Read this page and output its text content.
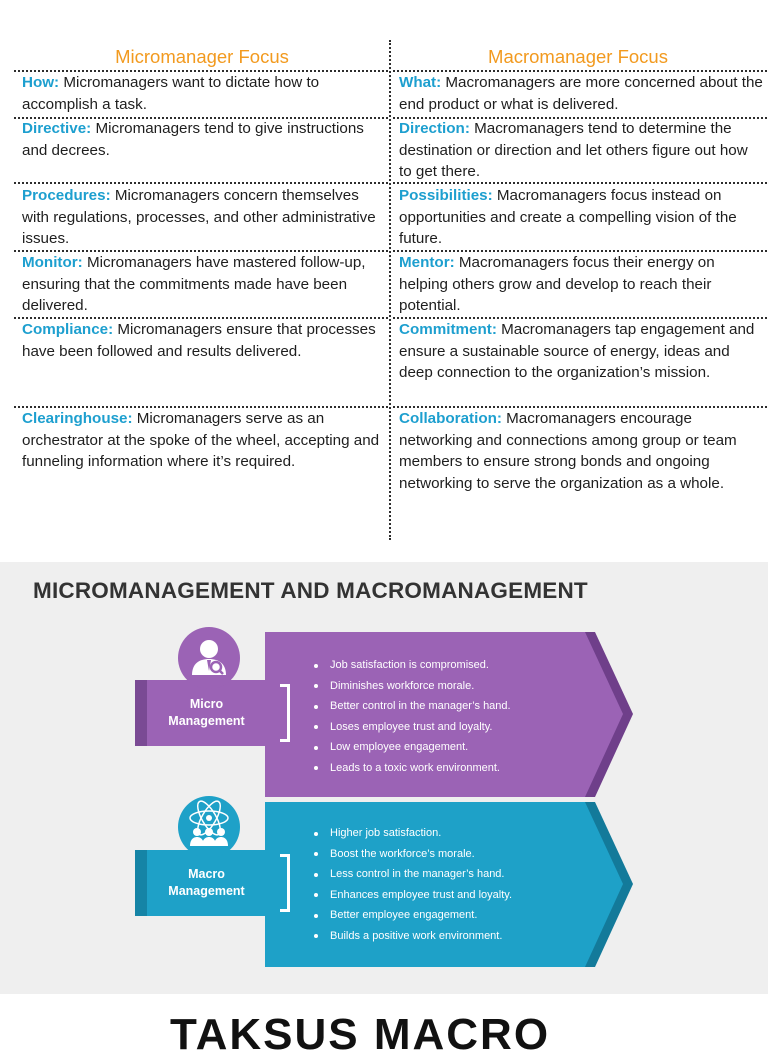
Micromanager Focus	Macromanager Focus

How: Micromanagers want to dictate how to accomplish a task.

What: Macromanagers are more concerned about the end product or what is delivered.

Directive: Micromanagers tend to give instructions and decrees.

Direction: Macromanagers tend to determine the destination or direction and let others figure out how to get there.

Procedures: Micromanagers concern themselves with regulations, processes, and other administrative issues.

Possibilities: Macromanagers focus instead on opportunities and create a compelling vision of the future.

Monitor: Micromanagers have mastered follow-up, ensuring that the commitments made have been delivered.

Mentor: Macromanagers focus their energy on helping others grow and develop to reach their potential.

Compliance: Micromanagers ensure that processes have been followed and results delivered.

Commitment: Macromanagers tap engagement and ensure a sustainable source of energy, ideas and deep connection to the organization’s mission.

Clearinghouse: Micromanagers serve as an orchestrator at the spoke of the wheel, accepting and funneling information where it’s required.

Collaboration: Macromanagers encourage networking and connections among group or team members to ensure strong bonds and ongoing networking to serve the organization as a whole.

MICROMANAGEMENT AND MACROMANAGEMENT
Job satisfaction is compromised.
Diminishes workforce morale.
Better control in the manager’s hand.
Loses employee trust and loyalty.
Low employee engagement.
Leads to a toxic work environment.
Micro
Management
Higher job satisfaction.
Boost the workforce’s morale.
Less control in the manager’s hand.
Enhances employee trust and loyalty.
Better employee engagement.
Builds a positive work environment.
Macro
Management
TAKSUS MACRO
